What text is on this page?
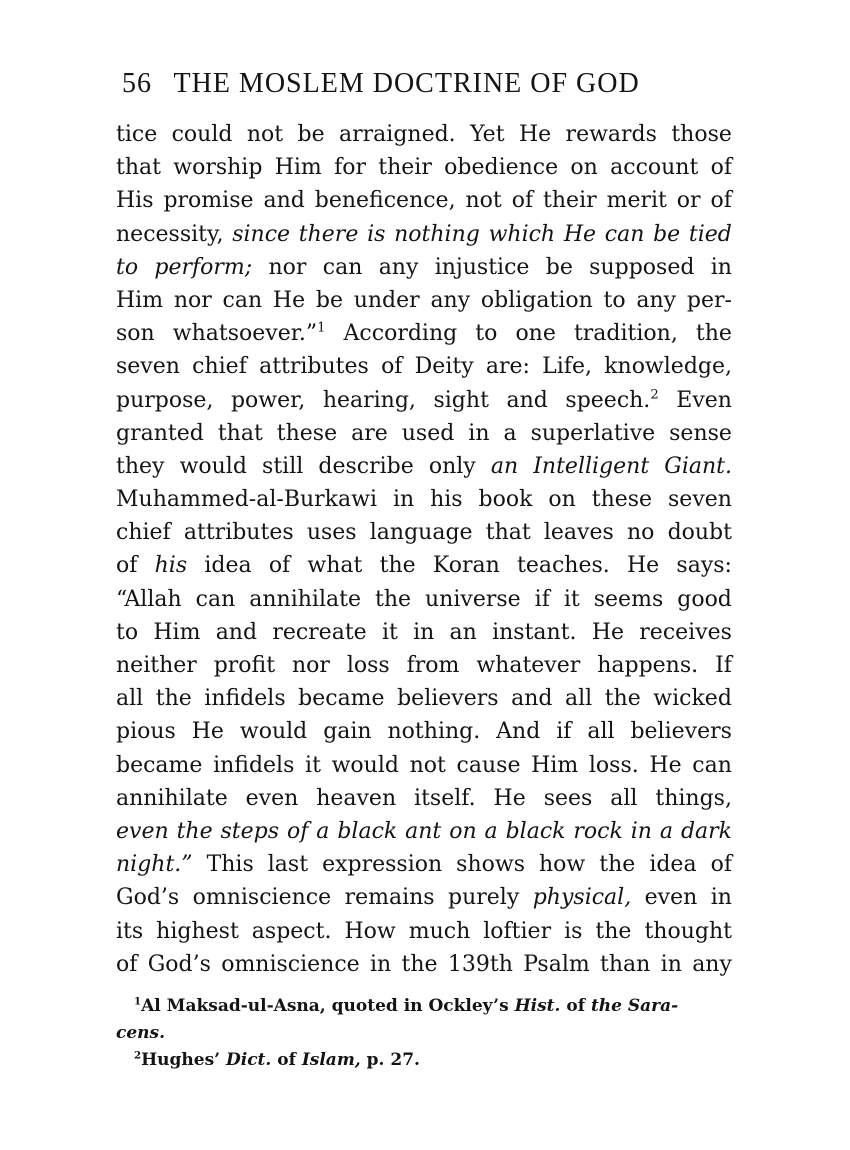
56 THE MOSLEM DOCTRINE OF GOD
tice could not be arraigned. Yet He rewards those
that worship Him for their obedience on account of
His promise and beneficence, not of their merit or of
necessity, since there is nothing which He can be tied
to perform; nor can any injustice be supposed in
Him nor can He be under any obligation to any per-
son whatsoever.”$^1$ According to one tradition, the
seven chief attributes of Deity are: Life, knowledge,
purpose, power, hearing, sight and speech.$^2$ Even
granted that these are used in a superlative sense
they would still describe only an Intelligent Giant.
Muhammed-al-Burkawi in his book on these seven
chief attributes uses language that leaves no doubt
of his idea of what the Koran teaches. He says:
“Allah can annihilate the universe if it seems good
to Him and recreate it in an instant. He receives
neither profit nor loss from whatever happens. If
all the infidels became believers and all the wicked
pious He would gain nothing. And if all believers
became infidels it would not cause Him loss. He can
annihilate even heaven itself. He sees all things,
even the steps of a black ant on a black rock in a dark
night.” This last expression shows how the idea of
God’s omniscience remains purely physical, even in
its highest aspect. How much loftier is the thought
of God’s omniscience in the 139th Psalm than in any
$^1$Al Maksad-ul-Asna, quoted in Ockley’s Hist. of the Sara-
cens.
$^2$Hughes’ Dict. of Islam, p. 27.
